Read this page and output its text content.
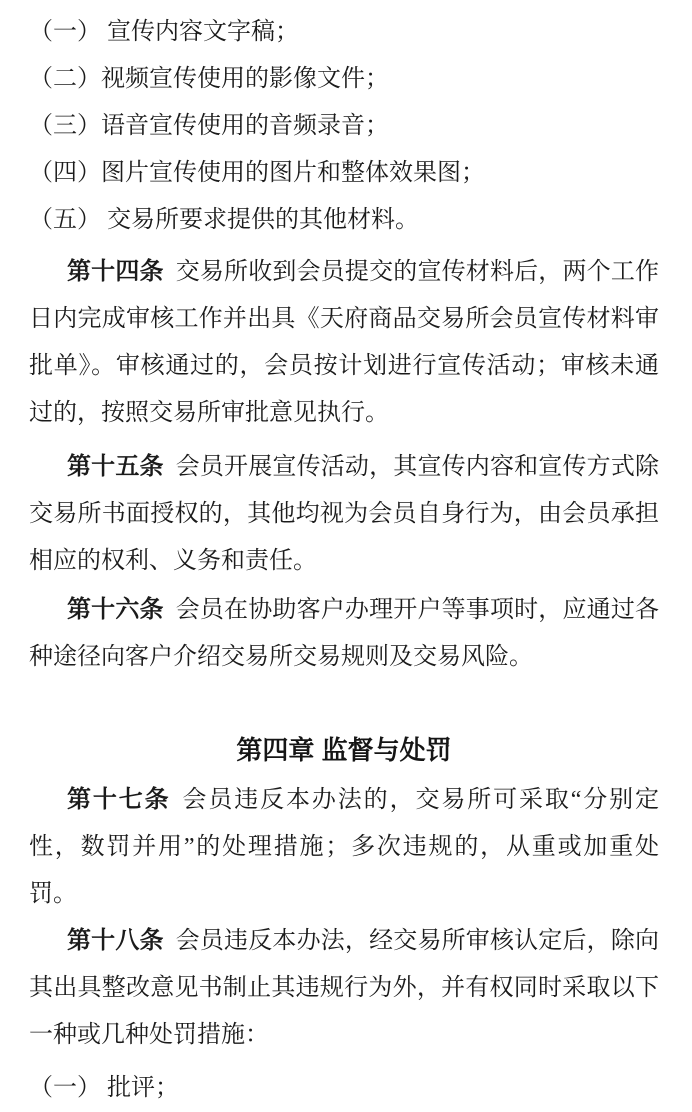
（一） 宣传内容文字稿；

（二）视频宣传使用的影像文件；

（三）语音宣传使用的音频录音；

（四）图片宣传使用的图片和整体效果图；

（五） 交易所要求提供的其他材料。

第十四条 交易所收到会员提交的宣传材料后，两个工作日内完成审核工作并出具《天府商品交易所会员宣传材料审批单》。审核通过的，会员按计划进行宣传活动；审核未通过的，按照交易所审批意见执行。

第十五条 会员开展宣传活动，其宣传内容和宣传方式除交易所书面授权的，其他均视为会员自身行为，由会员承担相应的权利、义务和责任。

第十六条 会员在协助客户办理开户等事项时，应通过各种途径向客户介绍交易所交易规则及交易风险。

第四章 监督与处罚

第十七条 会员违反本办法的，交易所可采取“分别定性，数罚并用”的处理措施；多次违规的，从重或加重处罚。

第十八条 会员违反本办法，经交易所审核认定后，除向其出具整改意见书制止其违规行为外，并有权同时采取以下一种或几种处罚措施：

（一） 批评；
